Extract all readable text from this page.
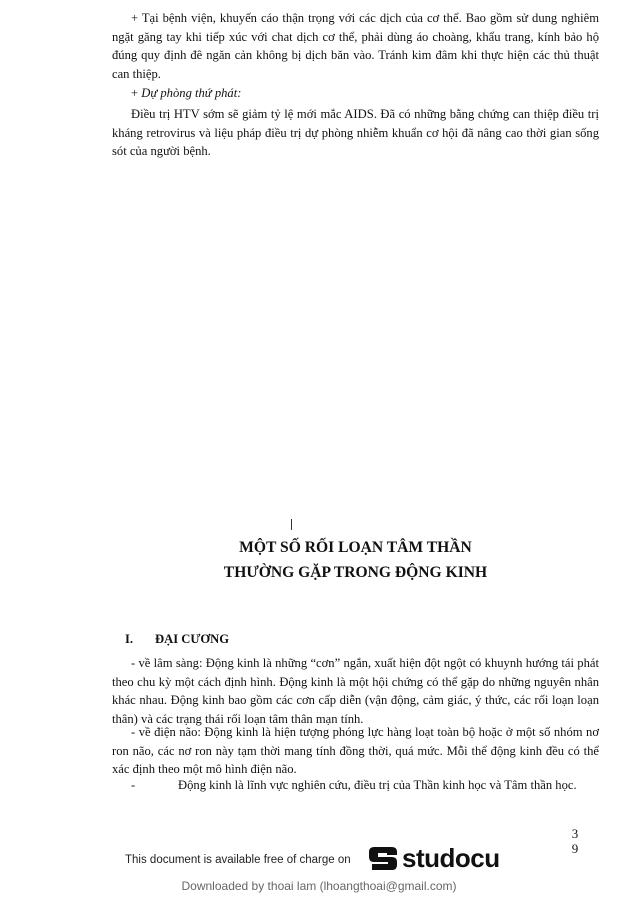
+ Tại bệnh viện, khuyến cáo thận trọng với các dịch của cơ thể. Bao gồm sử dung nghiêm ngặt găng tay khi tiếp xúc với chat dịch cơ thể, phải dùng áo choàng, khẩu trang, kính bảo hộ đúng quy định đê ngăn cản không bị dịch băn vào. Tránh kim đâm khi thực hiện các thủ thuật can thiệp.

+ Dự phòng thứ phát:

Điều trị HTV sớm sẽ giảm tỷ lệ mới mắc AIDS. Đã có những bằng chứng can thiệp điều trị kháng retrovirus và liệu pháp điều trị dự phòng nhiễm khuẩn cơ hội đã nâng cao thời gian sống sót của người bệnh.

MỘT SỐ RỐI LOẠN TÂM THẦN
THƯỜNG GẶP TRONG ĐỘNG KINH
I. ĐẠI CƯƠNG

- về lâm sàng: Động kinh là những “cơn” ngắn, xuất hiện đột ngột có khuynh hướng tái phát theo chu kỳ một cách định hình. Động kinh là một hội chứng có thể gặp do những nguyên nhân khác nhau. Động kinh bao gồm các cơn cấp diễn (vận động, cảm giác, ý thức, các rối loạn loạn thân) và các trạng thái rối loạn tâm thân mạn tính.

- về điện não: Động kinh là hiện tượng phóng lực hàng loạt toàn bộ hoặc ở một số nhóm nơ ron não, các nơ ron này tạm thời mang tính đồng thời, quá mức. Mỗi thể động kinh đều có thể xác định theo một mô hình điện não.

-	Động kinh là lĩnh vực nghiên cứu, điều trị của Thần kinh học và Tâm thần học.
3
9
This document is available free of charge on studocu
Downloaded by thoai lam (lhoangthoai@gmail.com)
